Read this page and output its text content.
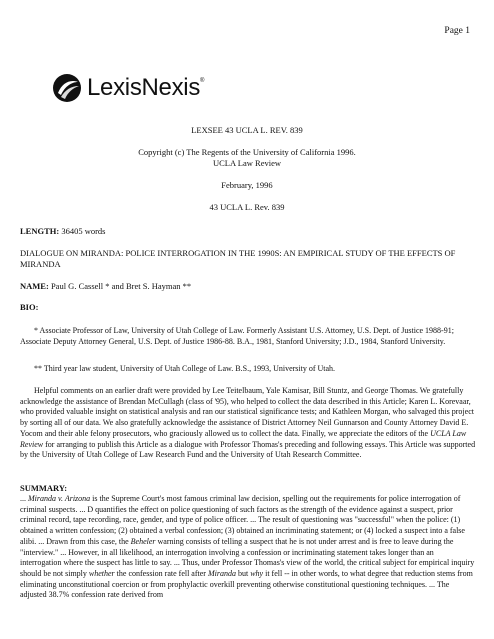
Page 1
LexisNexis®
LEXSEE 43 UCLA L. REV. 839
Copyright (c) The Regents of the University of California 1996.
UCLA Law Review
February, 1996
43 UCLA L. Rev. 839
LENGTH: 36405 words
DIALOGUE ON MIRANDA: POLICE INTERROGATION IN THE 1990S: AN EMPIRICAL STUDY OF THE EFFECTS OF MIRANDA
NAME: Paul G. Cassell * and Bret S. Hayman **
BIO:
* Associate Professor of Law, University of Utah College of Law. Formerly Assistant U.S. Attorney, U.S. Dept. of Justice 1988-91; Associate Deputy Attorney General, U.S. Dept. of Justice 1986-88. B.A., 1981, Stanford University; J.D., 1984, Stanford University.
** Third year law student, University of Utah College of Law. B.S., 1993, University of Utah.
Helpful comments on an earlier draft were provided by Lee Teitelbaum, Yale Kamisar, Bill Stuntz, and George Thomas. We gratefully acknowledge the assistance of Brendan McCullagh (class of '95), who helped to collect the data described in this Article; Karen L. Korevaar, who provided valuable insight on statistical analysis and ran our statistical significance tests; and Kathleen Morgan, who salvaged this project by sorting all of our data. We also gratefully acknowledge the assistance of District Attorney Neil Gunnarson and County Attorney David E. Yocom and their able felony prosecutors, who graciously allowed us to collect the data. Finally, we appreciate the editors of the UCLA Law Review for arranging to publish this Article as a dialogue with Professor Thomas's preceding and following essays. This Article was supported by the University of Utah College of Law Research Fund and the University of Utah Research Committee.
SUMMARY:
... Miranda v. Arizona is the Supreme Court's most famous criminal law decision, spelling out the requirements for police interrogation of criminal suspects. ... D quantifies the effect on police questioning of such factors as the strength of the evidence against a suspect, prior criminal record, tape recording, race, gender, and type of police officer. ... The result of questioning was "successful" when the police: (1) obtained a written confession; (2) obtained a verbal confession; (3) obtained an incriminating statement; or (4) locked a suspect into a false alibi. ... Drawn from this case, the Beheler warning consists of telling a suspect that he is not under arrest and is free to leave during the "interview." ... However, in all likelihood, an interrogation involving a confession or incriminating statement takes longer than an interrogation where the suspect has little to say. ... Thus, under Professor Thomas's view of the world, the critical subject for empirical inquiry should be not simply whether the confession rate fell after Miranda but why it fell -- in other words, to what degree that reduction stems from eliminating unconstitutional coercion or from prophylactic overkill preventing otherwise constitutional questioning techniques. ... The adjusted 38.7% confession rate derived from
